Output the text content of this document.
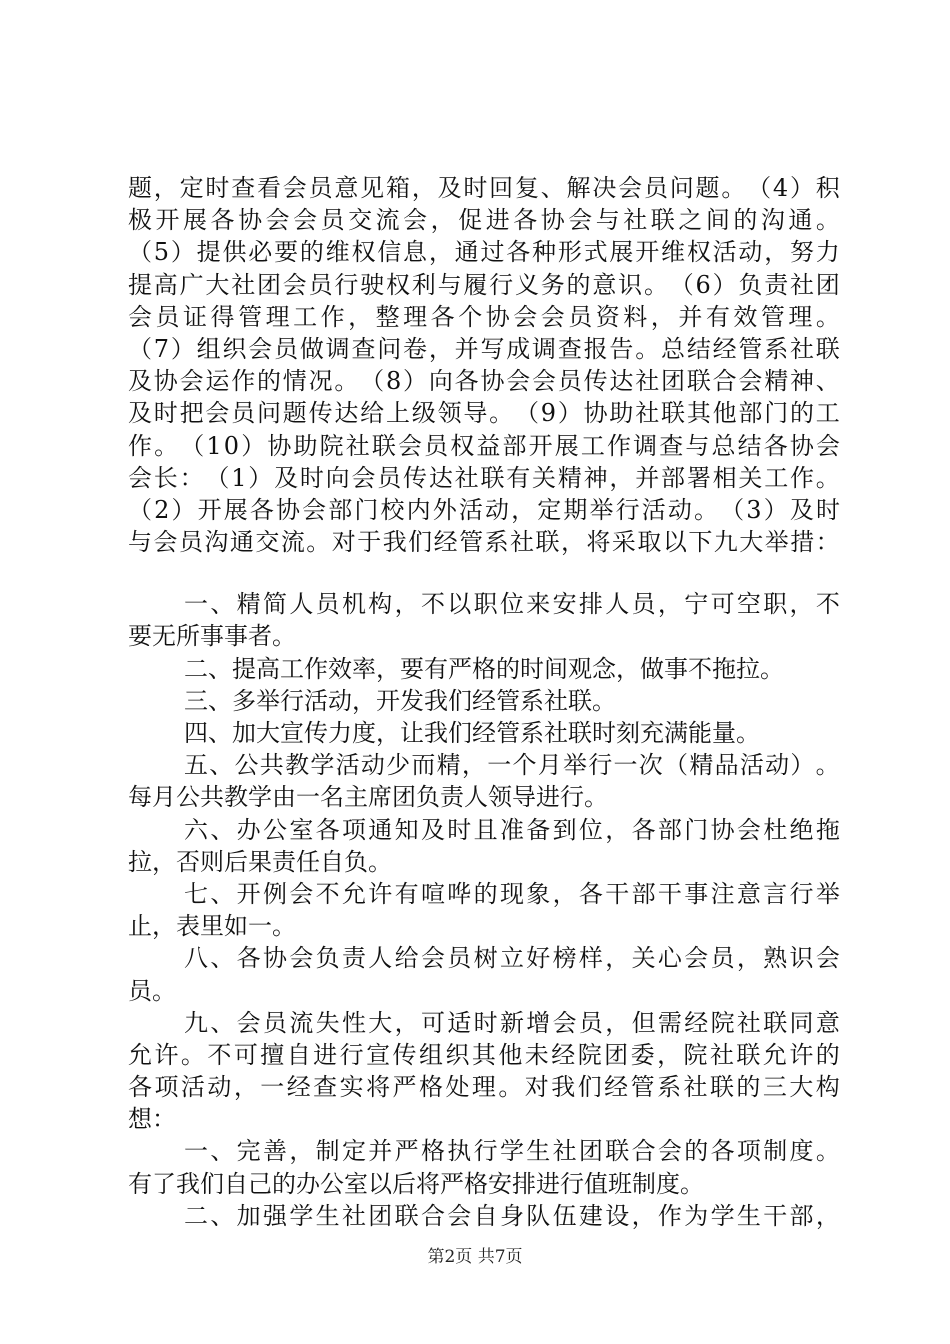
题 ， 定 时 查 看 会 员 意 见 箱 ， 及 时 回 复 、 解 决 会 员 问 题 。 （ 4 ） 积
极 开 展 各 协 会 会 员 交 流 会 ， 促 进 各 协 会 与 社 联 之 间 的 沟 通 。
（ 5 ） 提 供 必 要 的 维 权 信 息 ， 通 过 各 种 形 式 展 开 维 权 活 动 ， 努 力
提 高 广 大 社 团 会 员 行 驶 权 利 与 履 行 义 务 的 意 识 。 （ 6 ） 负 责 社 团
会 员 证 得 管 理 工 作 ， 整 理 各 个 协 会 会 员 资 料 ， 并 有 效 管 理 。
（ 7 ） 组 织 会 员 做 调 查 问 卷 ， 并 写 成 调 查 报 告 。 总 结 经 管 系 社 联
及 协 会 运 作 的 情 况 。 （ 8 ） 向 各 协 会 会 员 传 达 社 团 联 合 会 精 神 、
及 时 把 会 员 问 题 传 达 给 上 级 领 导 。 （ 9 ） 协 助 社 联 其 他 部 门 的 工
作 。 （ 1 0 ） 协 助 院 社 联 会 员 权 益 部 开 展 工 作 调 查 与 总 结 各 协 会
会 长 ： （ 1 ） 及 时 向 会 员 传 达 社 联 有 关 精 神 ， 并 部 署 相 关 工 作 。
（ 2 ） 开 展 各 协 会 部 门 校 内 外 活 动 ， 定 期 举 行 活 动 。 （ 3 ） 及 时
与 会 员 沟 通 交 流 。 对 于 我 们 经 管 系 社 联 ， 将 采 取 以 下 九 大 举 措 ：
一 、 精 简 人 员 机 构 ， 不 以 职 位 来 安 排 人 员 ， 宁 可 空 职 ， 不
要无所事事者。
二、提高工作效率，要有严格的时间观念，做事不拖拉。
三、多举行活动，开发我们经管系社联。
四、加大宣传力度，让我们经管系社联时刻充满能量。
五 、 公 共 教 学 活 动 少 而 精 ， 一 个 月 举 行 一 次 （ 精 品 活 动 ） 。
每月公共教学由一名主席团负责人领导进行。
六 、 办 公 室 各 项 通 知 及 时 且 准 备 到 位 ， 各 部 门 协 会 杜 绝 拖
拉，否则后果责任自负。
七 、 开 例 会 不 允 许 有 喧 哗 的 现 象 ， 各 干 部 干 事 注 意 言 行 举
止，表里如一。
八 、 各 协 会 负 责 人 给 会 员 树 立 好 榜 样 ， 关 心 会 员 ， 熟 识 会
员。
九 、 会 员 流 失 性 大 ， 可 适 时 新 增 会 员 ， 但 需 经 院 社 联 同 意
允 许 。 不 可 擅 自 进 行 宣 传 组 织 其 他 未 经 院 团 委 ， 院 社 联 允 许 的
各 项 活 动 ， 一 经 查 实 将 严 格 处 理 。 对 我 们 经 管 系 社 联 的 三 大 构
想：
一 、 完 善 ， 制 定 并 严 格 执 行 学 生 社 团 联 合 会 的 各 项 制 度 。
有了我们自己的办公室以后将严格安排进行值班制度。
二 、 加 强 学 生 社 团 联 合 会 自 身 队 伍 建 设 ， 作 为 学 生 干 部 ，
第2页 共7页
